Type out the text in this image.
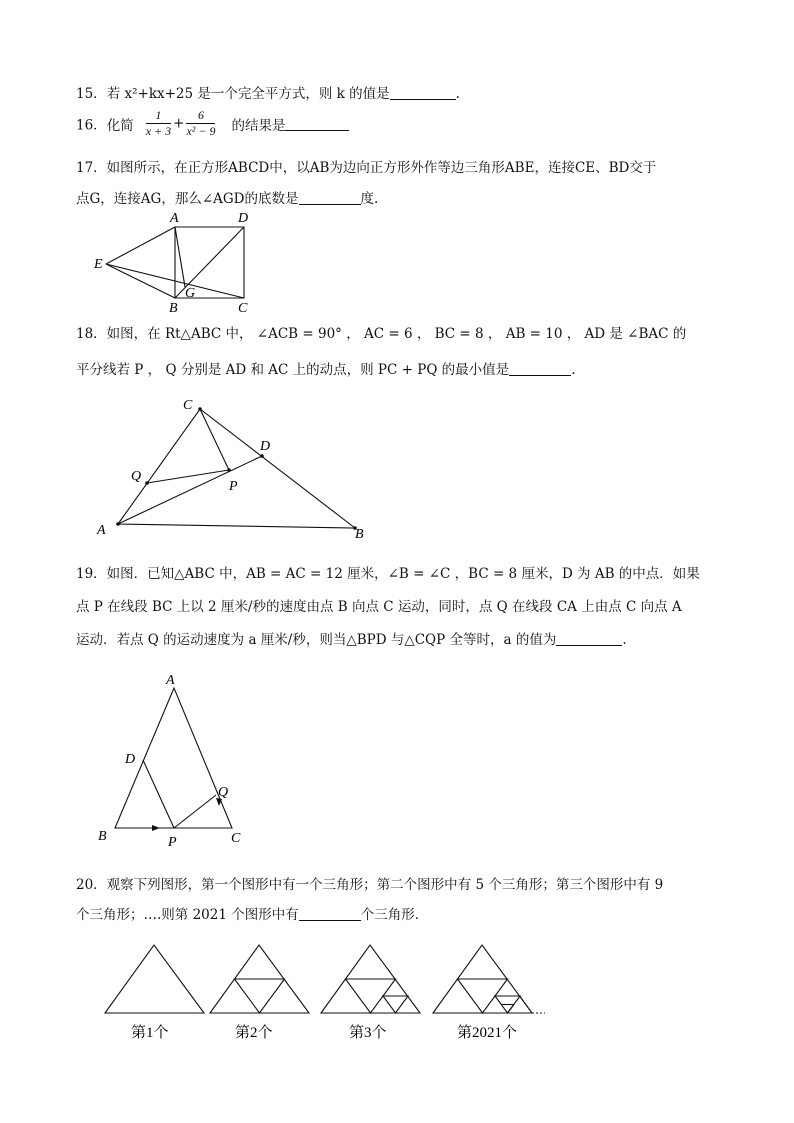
15．若 x²+kx+25 是一个完全平方式，则 k 的值是	.
16．化简 $\frac{1}{x + 3} + \frac{6}{\text{x² − 9}}$ 的结果是
17．如图所示，在正方形ABCD中，以AB为边向正方形外作等边三角形ABE，连接CE、BD交于
点G，连接AG，那么∠AGD的底数是	度.
A	D
E
B
G
C
18．如图，在 Rt△ABC 中， ∠ACB = 90° ， AC = 6 ， BC = 8 ， AB = 10 ， AD 是 ∠BAC 的
平分线若 P ， Q 分别是 AD 和 AC 上的动点，则 PC + PQ 的最小值是	.
C
D
Q
P
A	B
19．如图．已知△ABC 中，AB = AC = 12 厘米，∠B = ∠C ，BC = 8 厘米，D 为 AB 的中点．如果
点 P 在线段 BC 上以 2 厘米/秒的速度由点 B 向点 C 运动，同时，点 Q 在线段 CA 上由点 C 向点 A
运动．若点 Q 的运动速度为 a 厘米/秒，则当△BPD 与△CQP 全等时，a 的值为	.
A
D
Q
B	P	C
20．观察下列图形，第一个图形中有一个三角形；第二个图形中有 5 个三角形；第三个图形中有 9
个三角形；….则第 2021 个图形中有	个三角形．
第1个	第2个	第3个	第2021个
